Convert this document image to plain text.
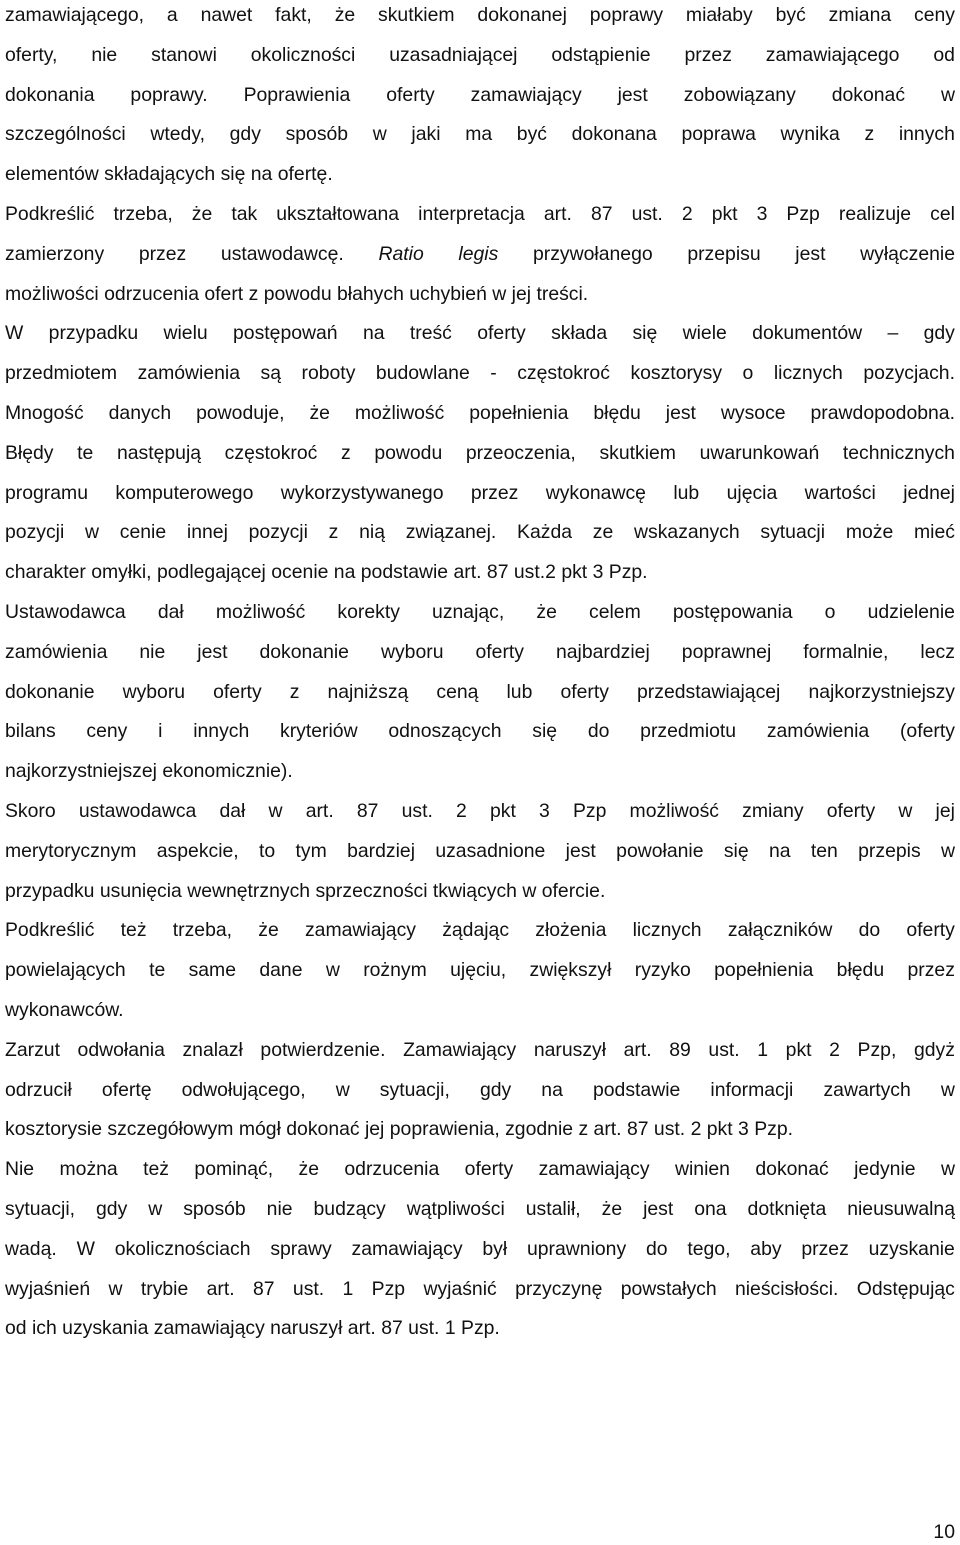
zamawiającego, a nawet fakt, że skutkiem dokonanej poprawy miałaby być zmiana ceny
oferty, nie stanowi okoliczności uzasadniającej odstąpienie przez zamawiającego od
dokonania poprawy. Poprawienia oferty zamawiający jest zobowiązany dokonać w
szczególności wtedy, gdy sposób w jaki ma być dokonana poprawa wynika z innych
elementów składających się na ofertę.
Podkreślić trzeba, że tak ukształtowana interpretacja art. 87 ust. 2 pkt 3 Pzp realizuje cel
zamierzony przez ustawodawcę. Ratio legis przywołanego przepisu jest wyłączenie
możliwości odrzucenia ofert z powodu błahych uchybień w jej treści.
W przypadku wielu postępowań na treść oferty składa się wiele dokumentów – gdy
przedmiotem zamówienia są roboty budowlane - częstokroć kosztorysy o licznych pozycjach.
Mnogość danych powoduje, że możliwość popełnienia błędu jest wysoce prawdopodobna.
Błędy te następują częstokroć z powodu przeoczenia, skutkiem uwarunkowań technicznych
programu komputerowego wykorzystywanego przez wykonawcę lub ujęcia wartości jednej
pozycji w cenie innej pozycji z nią związanej. Każda ze wskazanych sytuacji może mieć
charakter omyłki, podlegającej ocenie na podstawie art. 87 ust.2 pkt 3 Pzp.
Ustawodawca dał możliwość korekty uznając, że celem postępowania o udzielenie
zamówienia nie jest dokonanie wyboru oferty najbardziej poprawnej formalnie, lecz
dokonanie wyboru oferty z najniższą ceną lub oferty przedstawiającej najkorzystniejszy
bilans ceny i innych kryteriów odnoszących się do przedmiotu zamówienia (oferty
najkorzystniejszej ekonomicznie).
Skoro ustawodawca dał w art. 87 ust. 2 pkt 3 Pzp możliwość zmiany oferty w jej
merytorycznym aspekcie, to tym bardziej uzasadnione jest powołanie się na ten przepis w
przypadku usunięcia wewnętrznych sprzeczności tkwiących w ofercie.
Podkreślić też trzeba, że zamawiający żądając złożenia licznych załączników do oferty
powielających te same dane w rożnym ujęciu, zwiększył ryzyko popełnienia błędu przez
wykonawców.
Zarzut odwołania znalazł potwierdzenie. Zamawiający naruszył art. 89 ust. 1 pkt 2 Pzp, gdyż
odrzucił ofertę odwołującego, w sytuacji, gdy na podstawie informacji zawartych w
kosztorysie szczegółowym mógł dokonać jej poprawienia, zgodnie z art. 87 ust. 2 pkt 3 Pzp.
Nie można też pominąć, że odrzucenia oferty zamawiający winien dokonać jedynie w
sytuacji, gdy w sposób nie budzący wątpliwości ustalił, że jest ona dotknięta nieusuwalną
wadą. W okolicznościach sprawy zamawiający był uprawniony do tego, aby przez uzyskanie
wyjaśnień w trybie art. 87 ust. 1 Pzp wyjaśnić przyczynę powstałych nieścisłości. Odstępując
od ich uzyskania zamawiający naruszył art. 87 ust. 1 Pzp.
10
